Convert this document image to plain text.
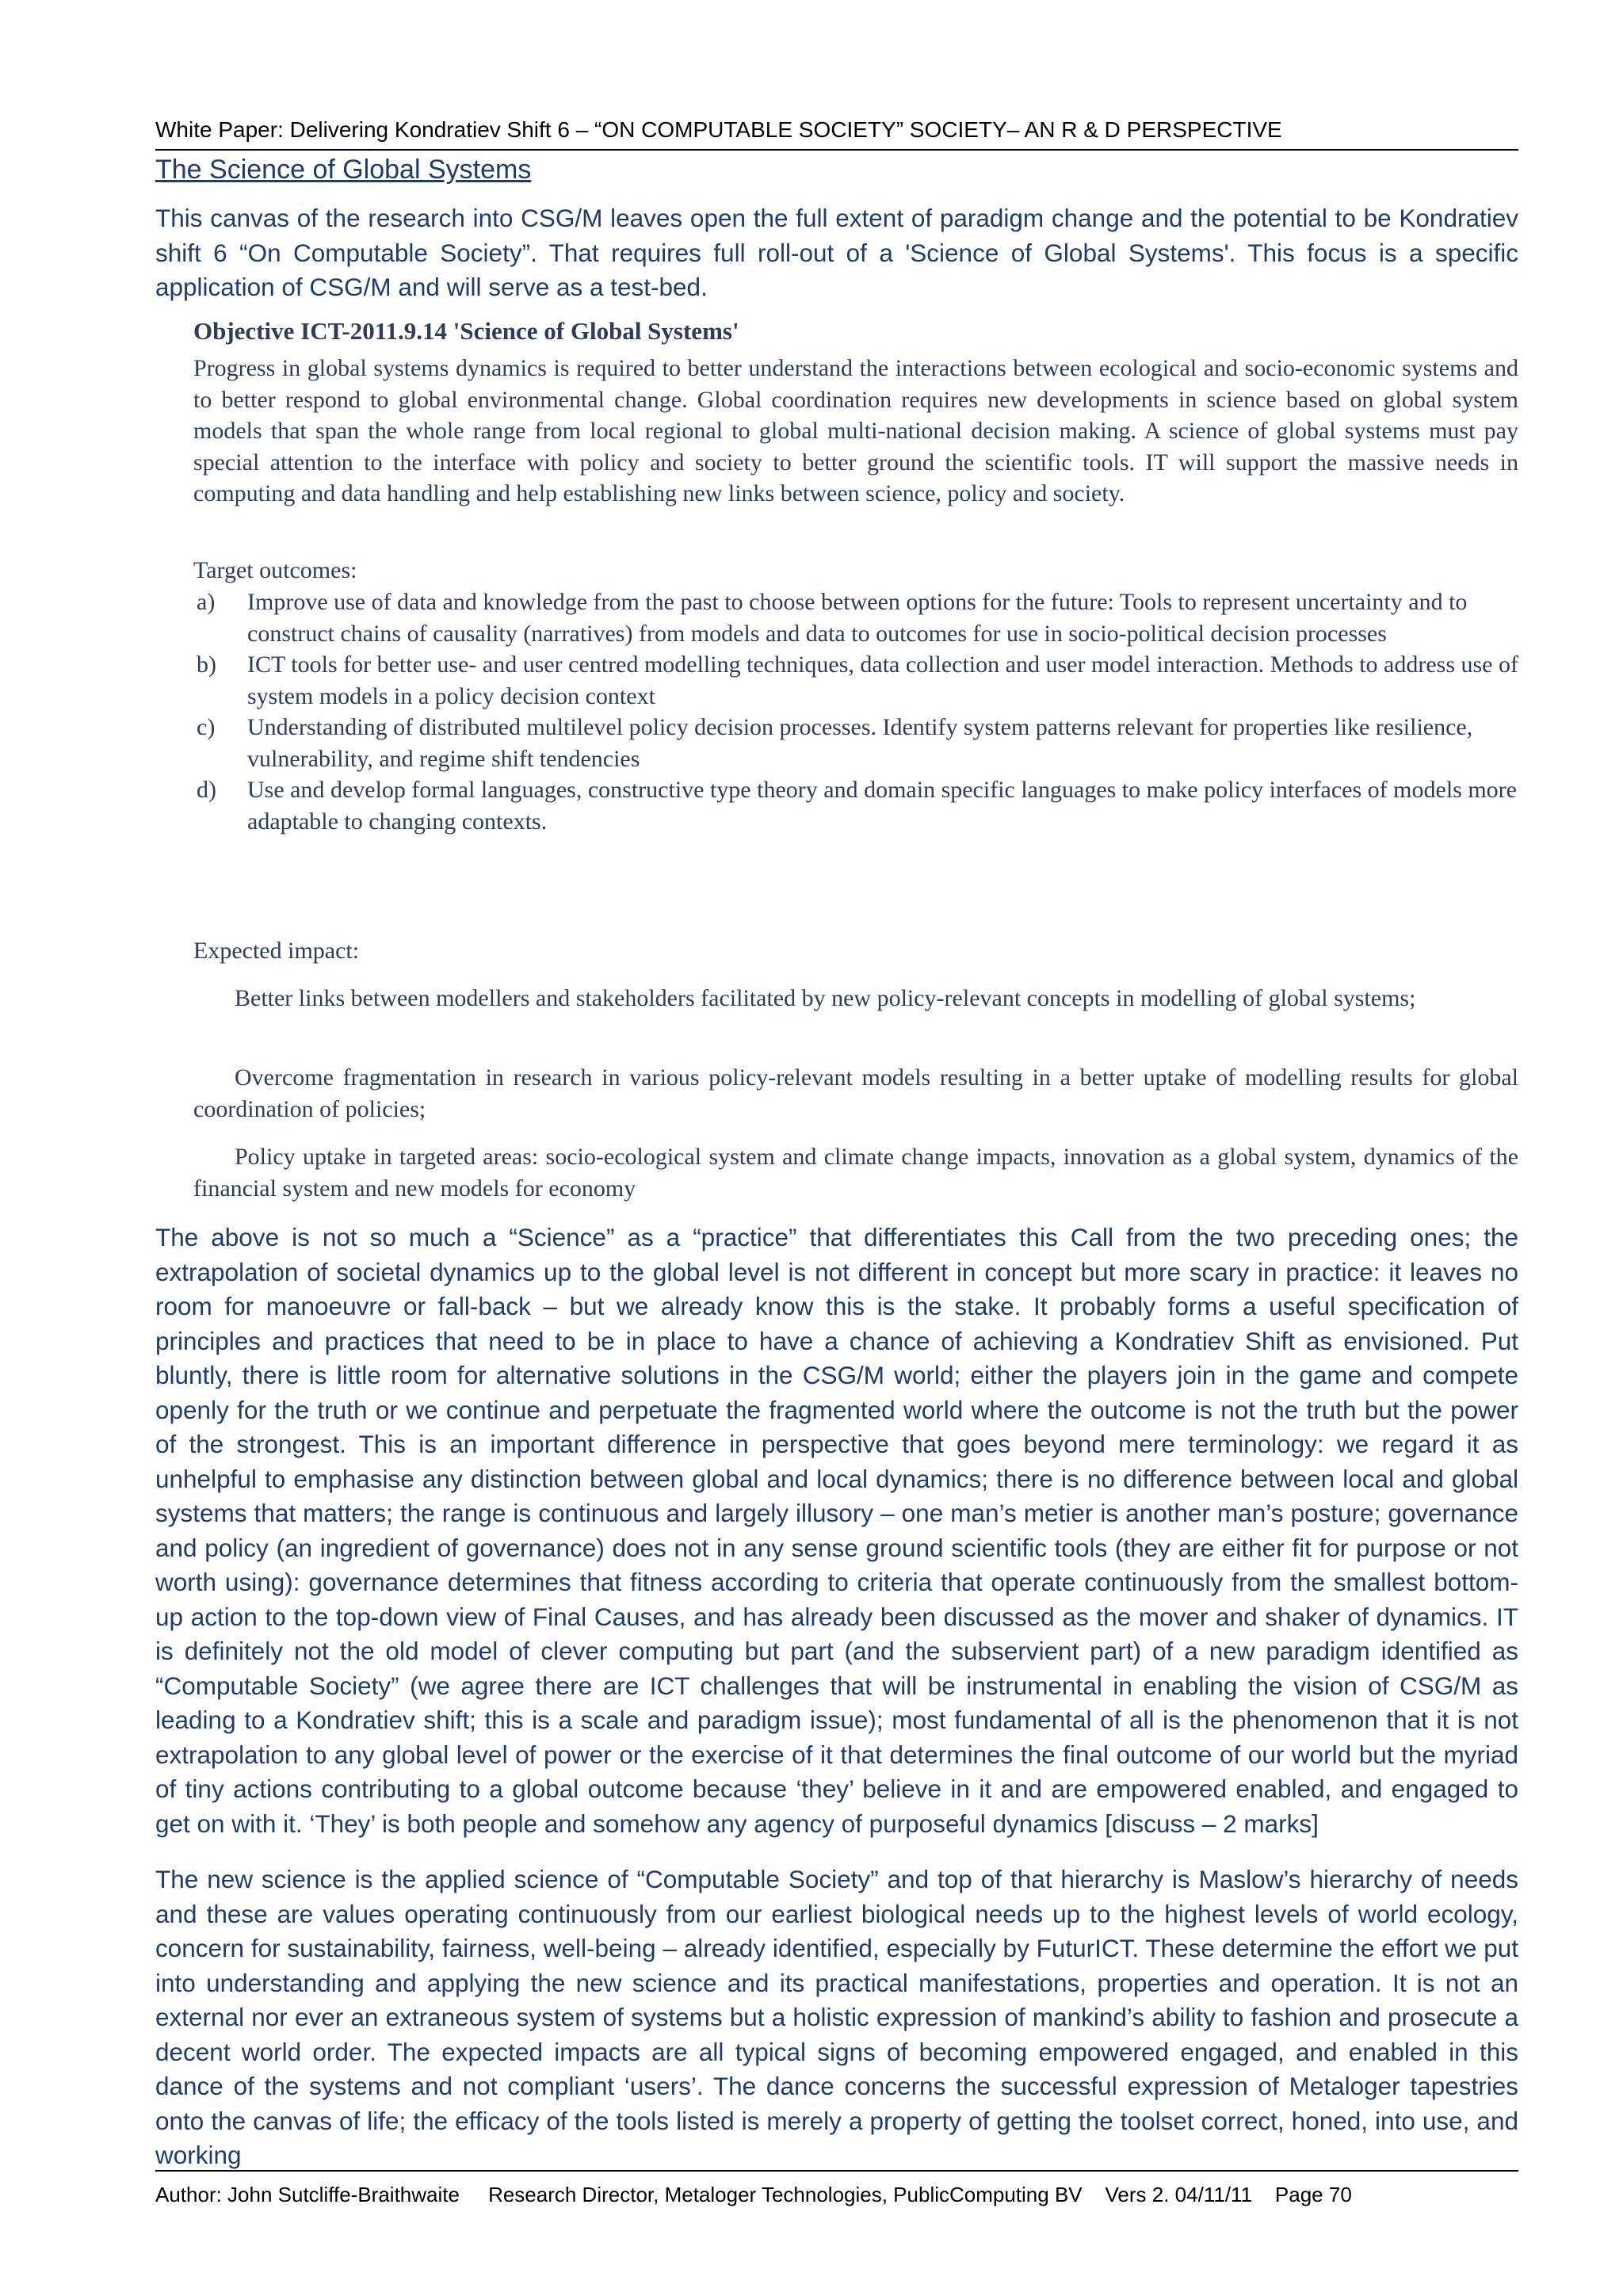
White Paper: Delivering Kondratiev Shift 6 – “ON COMPUTABLE SOCIETY” SOCIETY– AN R & D PERSPECTIVE
The Science of Global Systems

This canvas of the research into CSG/M leaves open the full extent of paradigm change and the potential to be Kondratiev shift 6 “On Computable Society”. That requires full roll-out of a 'Science of Global Systems'. This focus is a specific application of CSG/M and will serve as a test-bed.

Objective ICT-2011.9.14 'Science of Global Systems'

Progress in global systems dynamics is required to better understand the interactions between ecological and socio-economic systems and to better respond to global environmental change. Global coordination requires new developments in science based on global system models that span the whole range from local regional to global multi-national decision making. A science of global systems must pay special attention to the interface with policy and society to better ground the scientific tools. IT will support the massive needs in computing and data handling and help establishing new links between science, policy and society.

Target outcomes:
a) Improve use of data and knowledge from the past to choose between options for the future: Tools to represent uncertainty and to construct chains of causality (narratives) from models and data to outcomes for use in socio-political decision processes
b) ICT tools for better use- and user centred modelling techniques, data collection and user model interaction. Methods to address use of system models in a policy decision context
c) Understanding of distributed multilevel policy decision processes. Identify system patterns relevant for properties like resilience, vulnerability, and regime shift tendencies
d) Use and develop formal languages, constructive type theory and domain specific languages to make policy interfaces of models more adaptable to changing contexts.
Expected impact:

Better links between modellers and stakeholders facilitated by new policy-relevant concepts in modelling of global systems;

Overcome fragmentation in research in various policy-relevant models resulting in a better uptake of modelling results for global coordination of policies;

Policy uptake in targeted areas: socio-ecological system and climate change impacts, innovation as a global system, dynamics of the financial system and new models for economy

The above is not so much a “Science” as a “practice” that differentiates this Call from the two preceding ones; the extrapolation of societal dynamics up to the global level is not different in concept but more scary in practice: it leaves no room for manoeuvre or fall-back – but we already know this is the stake. It probably forms a useful specification of principles and practices that need to be in place to have a chance of achieving a Kondratiev Shift as envisioned. Put bluntly, there is little room for alternative solutions in the CSG/M world; either the players join in the game and compete openly for the truth or we continue and perpetuate the fragmented world where the outcome is not the truth but the power of the strongest. This is an important difference in perspective that goes beyond mere terminology: we regard it as unhelpful to emphasise any distinction between global and local dynamics; there is no difference between local and global systems that matters; the range is continuous and largely illusory – one man’s metier is another man’s posture; governance and policy (an ingredient of governance) does not in any sense ground scientific tools (they are either fit for purpose or not worth using): governance determines that fitness according to criteria that operate continuously from the smallest bottom-up action to the top-down view of Final Causes, and has already been discussed as the mover and shaker of dynamics. IT is definitely not the old model of clever computing but part (and the subservient part) of a new paradigm identified as “Computable Society” (we agree there are ICT challenges that will be instrumental in enabling the vision of CSG/M as leading to a Kondratiev shift; this is a scale and paradigm issue); most fundamental of all is the phenomenon that it is not extrapolation to any global level of power or the exercise of it that determines the final outcome of our world but the myriad of tiny actions contributing to a global outcome because ‘they’ believe in it and are empowered enabled, and engaged to get on with it. ‘They’ is both people and somehow any agency of purposeful dynamics [discuss – 2 marks]

The new science is the applied science of “Computable Society” and top of that hierarchy is Maslow’s hierarchy of needs and these are values operating continuously from our earliest biological needs up to the highest levels of world ecology, concern for sustainability, fairness, well-being – already identified, especially by FuturICT. These determine the effort we put into understanding and applying the new science and its practical manifestations, properties and operation. It is not an external nor ever an extraneous system of systems but a holistic expression of mankind’s ability to fashion and prosecute a decent world order. The expected impacts are all typical signs of becoming empowered engaged, and enabled in this dance of the systems and not compliant ‘users’. The dance concerns the successful expression of Metaloger tapestries onto the canvas of life; the efficacy of the tools listed is merely a property of getting the toolset correct, honed, into use, and working

Author: John Sutcliffe-Braithwaite     Research Director, Metaloger Technologies, PublicComputing BV    Vers 2. 04/11/11    Page 70
